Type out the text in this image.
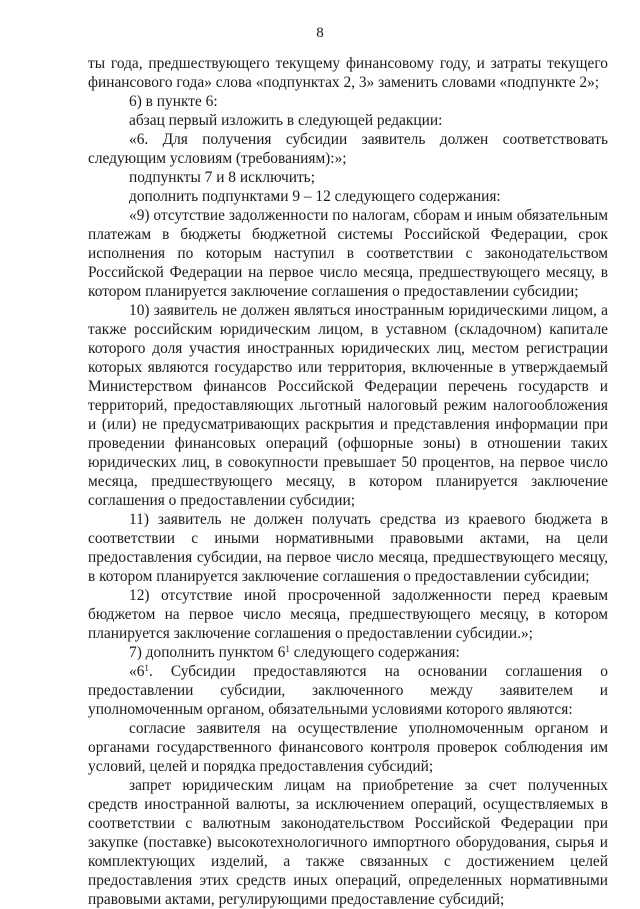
8

ты года, предшествующего текущему финансовому году, и затраты текущего финансового года» слова «подпунктах 2, 3» заменить словами «подпункте 2»;

6) в пункте 6:

абзац первый изложить в следующей редакции:

«6. Для получения субсидии заявитель должен соответствовать следующим условиям (требованиям):»;

подпункты 7 и 8 исключить;

дополнить подпунктами 9 – 12 следующего содержания:

«9) отсутствие задолженности по налогам, сборам и иным обязательным платежам в бюджеты бюджетной системы Российской Федерации, срок исполнения по которым наступил в соответствии с законодательством Российской Федерации на первое число месяца, предшествующего месяцу, в котором планируется заключение соглашения о предоставлении субсидии;

10) заявитель не должен являться иностранным юридическими лицом, а также российским юридическим лицом, в уставном (складочном) капитале которого доля участия иностранных юридических лиц, местом регистрации которых являются государство или территория, включенные в утверждаемый Министерством финансов Российской Федерации перечень государств и территорий, предоставляющих льготный налоговый режим налогообложения и (или) не предусматривающих раскрытия и представления информации при проведении финансовых операций (офшорные зоны) в отношении таких юридических лиц, в совокупности превышает 50 процентов, на первое число месяца, предшествующего месяцу, в котором планируется заключение соглашения о предоставлении субсидии;

11) заявитель не должен получать средства из краевого бюджета в соответствии с иными нормативными правовыми актами, на цели предоставления субсидии, на первое число месяца, предшествующего месяцу, в котором планируется заключение соглашения о предоставлении субсидии;

12) отсутствие иной просроченной задолженности перед краевым бюджетом на первое число месяца, предшествующего месяцу, в котором планируется заключение соглашения о предоставлении субсидии.»;

7) дополнить пунктом $6^1$ следующего содержания:

«$6^1$. Субсидии предоставляются на основании соглашения о предоставлении субсидии, заключенного между заявителем и уполномоченным органом, обязательными условиями которого являются:

согласие заявителя на осуществление уполномоченным органом и органами государственного финансового контроля проверок соблюдения им условий, целей и порядка предоставления субсидий;

запрет юридическим лицам на приобретение за счет полученных средств иностранной валюты, за исключением операций, осуществляемых в соответствии с валютным законодательством Российской Федерации при закупке (поставке) высокотехнологичного импортного оборудования, сырья и комплектующих изделий, а также связанных с достижением целей предоставления этих средств иных операций, определенных нормативными правовыми актами, регулирующими предоставление субсидий;
